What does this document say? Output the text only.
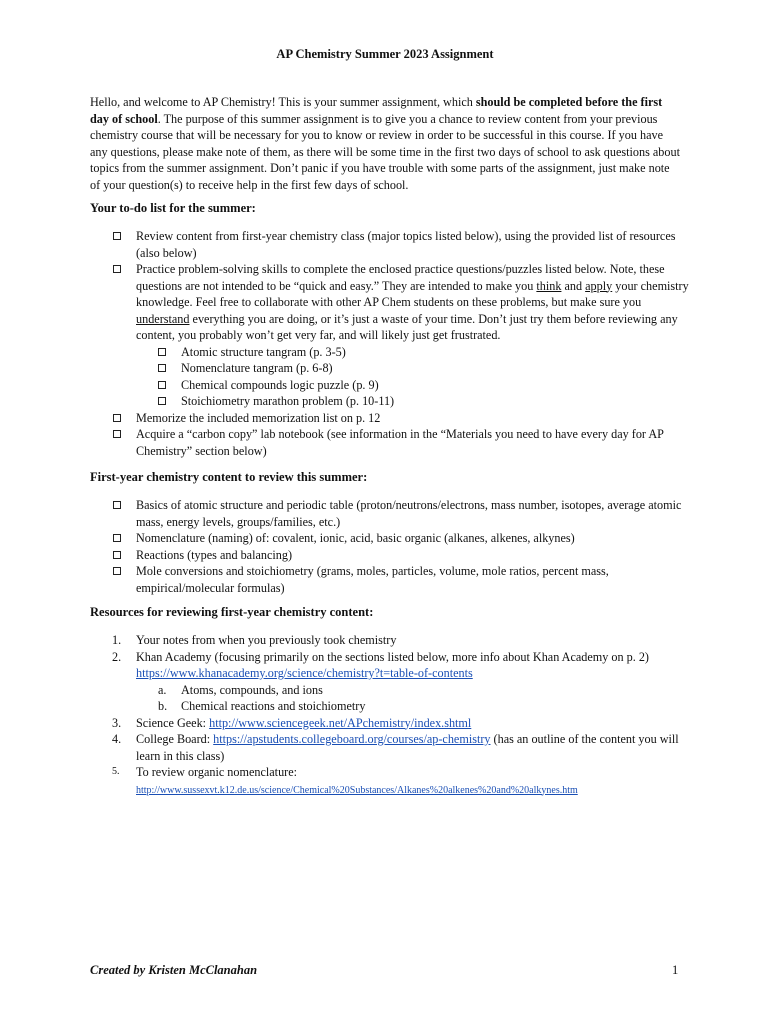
AP Chemistry Summer 2023 Assignment

Hello, and welcome to AP Chemistry! This is your summer assignment, which should be completed before the first day of school. The purpose of this summer assignment is to give you a chance to review content from your previous chemistry course that will be necessary for you to know or review in order to be successful in this course. If you have any questions, please make note of them, as there will be some time in the first two days of school to ask questions about topics from the summer assignment. Don’t panic if you have trouble with some parts of the assignment, just make note of your question(s) to receive help in the first few days of school.

Your to-do list for the summer:
Review content from first-year chemistry class (major topics listed below), using the provided list of resources (also below)
Practice problem-solving skills to complete the enclosed practice questions/puzzles listed below. Note, these questions are not intended to be “quick and easy.” They are intended to make you think and apply your chemistry knowledge. Feel free to collaborate with other AP Chem students on these problems, but make sure you understand everything you are doing, or it’s just a waste of your time. Don’t just try them before reviewing any content, you probably won’t get very far, and will likely just get frustrated.
Atomic structure tangram (p. 3-5)
Nomenclature tangram (p. 6-8)
Chemical compounds logic puzzle (p. 9)
Stoichiometry marathon problem (p. 10-11)
Memorize the included memorization list on p. 12
Acquire a “carbon copy” lab notebook (see information in the “Materials you need to have every day for AP Chemistry” section below)
First-year chemistry content to review this summer:
Basics of atomic structure and periodic table (proton/neutrons/electrons, mass number, isotopes, average atomic mass, energy levels, groups/families, etc.)
Nomenclature (naming) of: covalent, ionic, acid, basic organic (alkanes, alkenes, alkynes)
Reactions (types and balancing)
Mole conversions and stoichiometry (grams, moles, particles, volume, mole ratios, percent mass, empirical/molecular formulas)
Resources for reviewing first-year chemistry content:
1. Your notes from when you previously took chemistry
2. Khan Academy (focusing primarily on the sections listed below, more info about Khan Academy on p. 2)
https://www.khanacademy.org/science/chemistry?t=table-of-contents
a. Atoms, compounds, and ions
b. Chemical reactions and stoichiometry
3. Science Geek: http://www.sciencegeek.net/APchemistry/index.shtml
4. College Board: https://apstudents.collegeboard.org/courses/ap-chemistry (has an outline of the content you will learn in this class)
5. To review organic nomenclature:
http://www.sussexvt.k12.de.us/science/Chemical%20Substances/Alkanes%20alkenes%20and%20alkynes.htm
Created by Kristen McClanahan	1
